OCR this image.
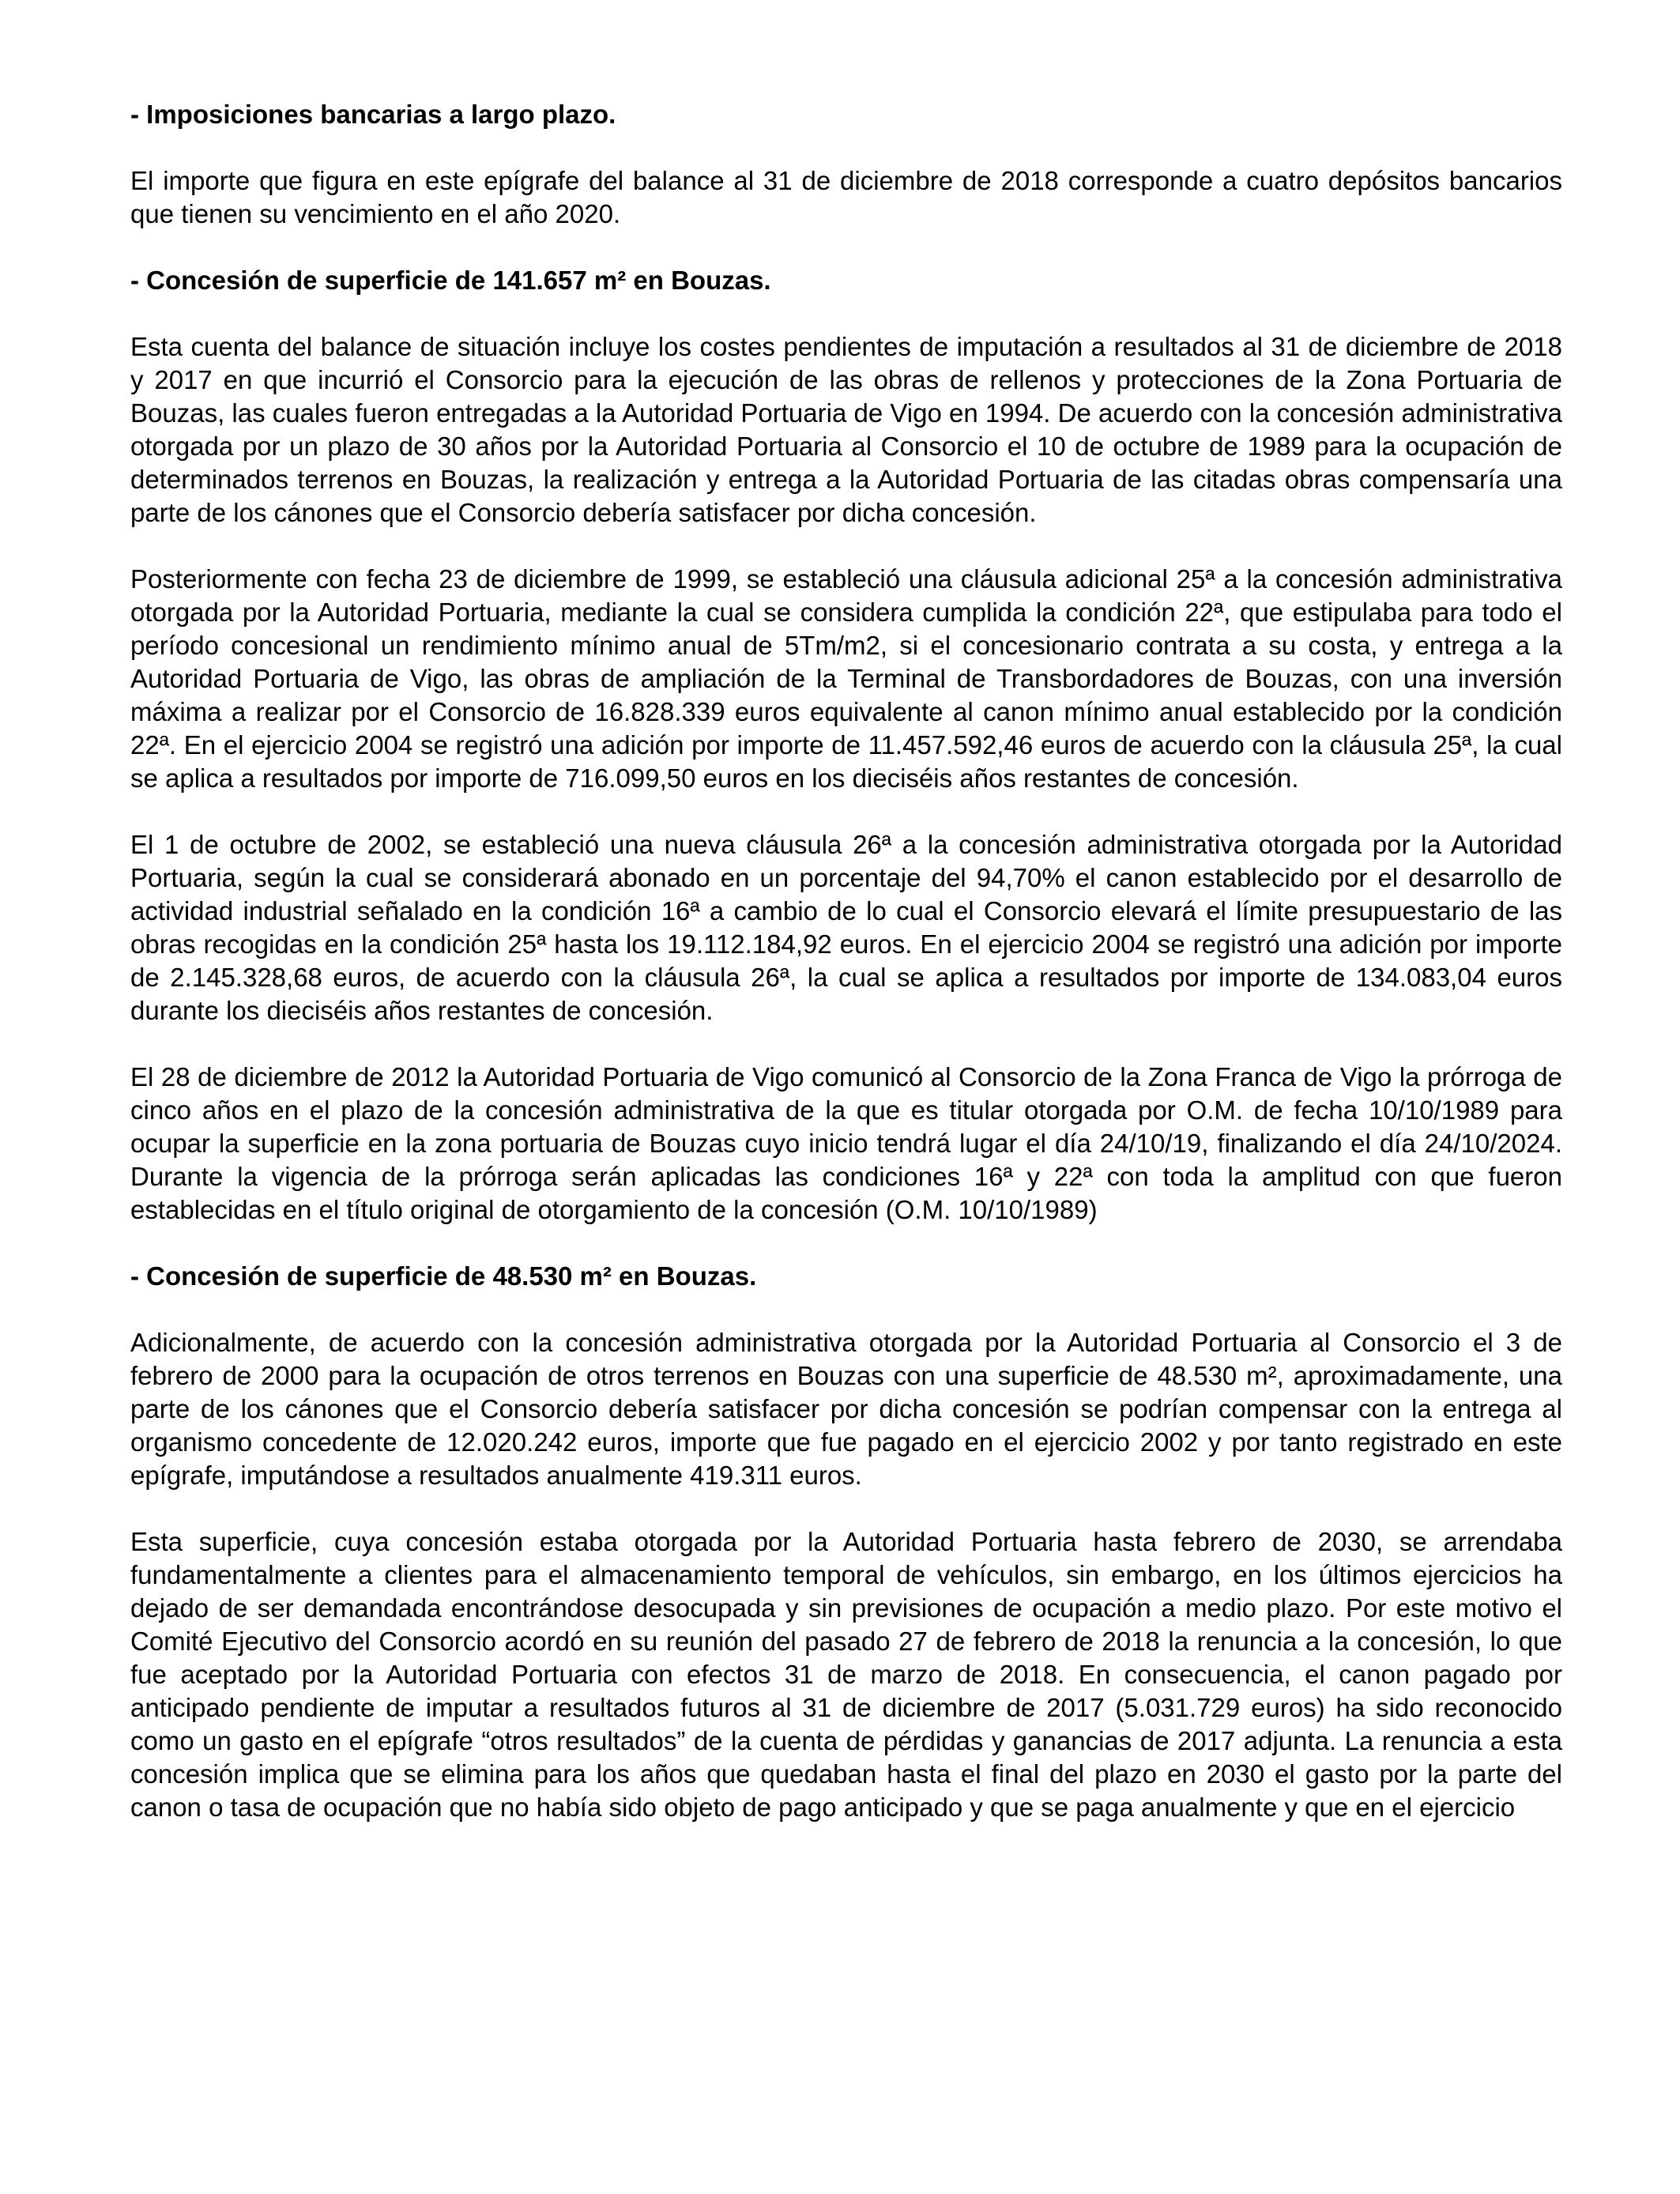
- Imposiciones bancarias a largo plazo.

El importe que figura en este epígrafe del balance al 31 de diciembre de 2018 corresponde a cuatro depósitos bancarios que tienen su vencimiento en el año 2020.

- Concesión de superficie de 141.657 m² en Bouzas.

Esta cuenta del balance de situación incluye los costes pendientes de imputación a resultados al 31 de diciembre de 2018 y 2017 en que incurrió el Consorcio para la ejecución de las obras de rellenos y protecciones de la Zona Portuaria de Bouzas, las cuales fueron entregadas a la Autoridad Portuaria de Vigo en 1994. De acuerdo con la concesión administrativa otorgada por un plazo de 30 años por la Autoridad Portuaria al Consorcio el 10 de octubre de 1989 para la ocupación de determinados terrenos en Bouzas, la realización y entrega a la Autoridad Portuaria de las citadas obras compensaría una parte de los cánones que el Consorcio debería satisfacer por dicha concesión.

Posteriormente con fecha 23 de diciembre de 1999, se estableció una cláusula adicional 25ª a la concesión administrativa otorgada por la Autoridad Portuaria, mediante la cual se considera cumplida la condición 22ª, que estipulaba para todo el período concesional un rendimiento mínimo anual de 5Tm/m2, si el concesionario contrata a su costa, y entrega a la Autoridad Portuaria de Vigo, las obras de ampliación de la Terminal de Transbordadores de Bouzas, con una inversión máxima a realizar por el Consorcio de 16.828.339 euros equivalente al canon mínimo anual establecido por la condición 22ª. En el ejercicio 2004 se registró una adición por importe de 11.457.592,46 euros de acuerdo con la cláusula 25ª, la cual se aplica a resultados por importe de 716.099,50 euros en los dieciséis años restantes de concesión.

El 1 de octubre de 2002, se estableció una nueva cláusula 26ª a la concesión administrativa otorgada por la Autoridad Portuaria, según la cual se considerará abonado en un porcentaje del 94,70% el canon establecido por el desarrollo de actividad industrial señalado en la condición 16ª a cambio de lo cual el Consorcio elevará el límite presupuestario de las obras recogidas en la condición 25ª hasta los 19.112.184,92 euros. En el ejercicio 2004 se registró una adición por importe de 2.145.328,68 euros, de acuerdo con la cláusula 26ª, la cual se aplica a resultados por importe de 134.083,04 euros durante los dieciséis años restantes de concesión.

El 28 de diciembre de 2012 la Autoridad Portuaria de Vigo comunicó al Consorcio de la Zona Franca de Vigo la prórroga de cinco años en el plazo de la concesión administrativa de la que es titular otorgada por O.M. de fecha 10/10/1989 para ocupar la superficie en la zona portuaria de Bouzas cuyo inicio tendrá lugar el día 24/10/19, finalizando el día 24/10/2024. Durante la vigencia de la prórroga serán aplicadas las condiciones 16ª y 22ª con toda la amplitud con que fueron establecidas en el título original de otorgamiento de la concesión (O.M. 10/10/1989)

- Concesión de superficie de 48.530 m² en Bouzas.

Adicionalmente, de acuerdo con la concesión administrativa otorgada por la Autoridad Portuaria al Consorcio el 3 de febrero de 2000 para la ocupación de otros terrenos en Bouzas con una superficie de 48.530 m², aproximadamente, una parte de los cánones que el Consorcio debería satisfacer por dicha concesión se podrían compensar con la entrega al organismo concedente de 12.020.242 euros, importe que fue pagado en el ejercicio 2002 y por tanto registrado en este epígrafe, imputándose a resultados anualmente 419.311 euros.

Esta superficie, cuya concesión estaba otorgada por la Autoridad Portuaria hasta febrero de 2030, se arrendaba fundamentalmente a clientes para el almacenamiento temporal de vehículos, sin embargo, en los últimos ejercicios ha dejado de ser demandada encontrándose desocupada y sin previsiones de ocupación a medio plazo. Por este motivo el Comité Ejecutivo del Consorcio acordó en su reunión del pasado 27 de febrero de 2018 la renuncia a la concesión, lo que fue aceptado por la Autoridad Portuaria con efectos 31 de marzo de 2018. En consecuencia, el canon pagado por anticipado pendiente de imputar a resultados futuros al 31 de diciembre de 2017 (5.031.729 euros) ha sido reconocido como un gasto en el epígrafe “otros resultados” de la cuenta de pérdidas y ganancias de 2017 adjunta. La renuncia a esta concesión implica que se elimina para los años que quedaban hasta el final del plazo en 2030 el gasto por la parte del canon o tasa de ocupación que no había sido objeto de pago anticipado y que se paga anualmente y que en el ejercicio
